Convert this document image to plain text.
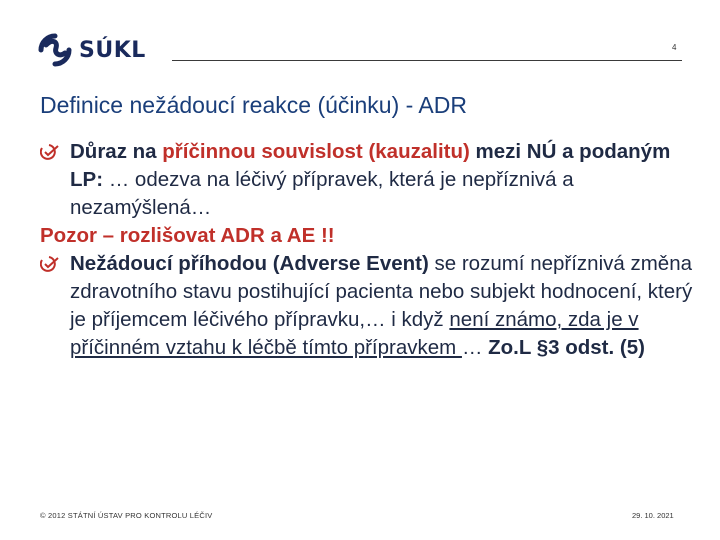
SÚKL	4
Definice nežádoucí reakce (účinku) - ADR

Důraz na příčinnou souvislost (kauzalitu) mezi NÚ a podaným LP: … odezva na léčivý přípravek, která je nepříznivá a nezamýšlená…

Pozor – rozlišovat ADR a AE !!

Nežádoucí příhodou (Adverse Event) se rozumí nepříznivá změna zdravotního stavu postihující pacienta nebo subjekt hodnocení, který je příjemcem léčivého přípravku,… i když není známo, zda je v příčinném vztahu k léčbě tímto přípravkem … Zo.L §3 odst. (5)

© 2012 STÁTNÍ ÚSTAV PRO KONTROLU LÉČIV	29. 10. 2021
